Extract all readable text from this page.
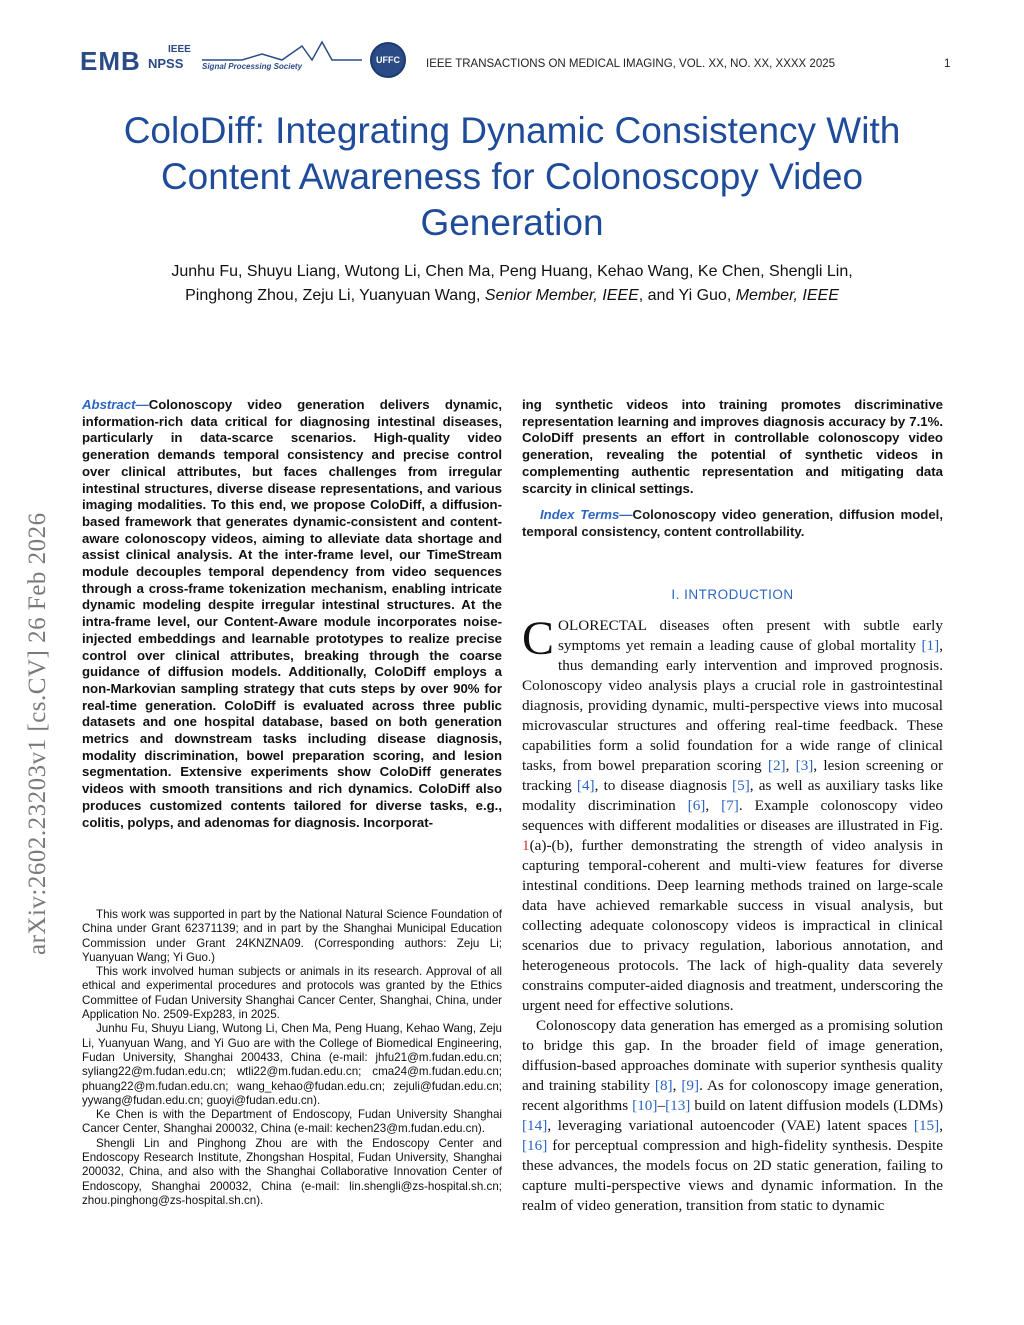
EMB	IEEE
NPSS Signal Processing Society
UFFC	IEEE TRANSACTIONS ON MEDICAL IMAGING, VOL. XX, NO. XX, XXXX 2025	1
ColoDiff: Integrating Dynamic Consistency With Content Awareness for Colonoscopy Video Generation
Junhu Fu, Shuyu Liang, Wutong Li, Chen Ma, Peng Huang, Kehao Wang, Ke Chen, Shengli Lin,
Pinghong Zhou, Zeju Li, Yuanyuan Wang, Senior Member, IEEE, and Yi Guo, Member, IEEE
arXiv:2602.23203v1 [cs.CV] 26 Feb 2026
Abstract—Colonoscopy video generation delivers dynamic, information-rich data critical for diagnosing intestinal diseases, particularly in data-scarce scenarios. High-quality video generation demands temporal consistency and precise control over clinical attributes, but faces challenges from irregular intestinal structures, diverse disease representations, and various imaging modalities. To this end, we propose ColoDiff, a diffusion-based framework that generates dynamic-consistent and content-aware colonoscopy videos, aiming to alleviate data shortage and assist clinical analysis. At the inter-frame level, our TimeStream module decouples temporal dependency from video sequences through a cross-frame tokenization mechanism, enabling intricate dynamic modeling despite irregular intestinal structures. At the intra-frame level, our Content-Aware module incorporates noise-injected embeddings and learnable prototypes to realize precise control over clinical attributes, breaking through the coarse guidance of diffusion models. Additionally, ColoDiff employs a non-Markovian sampling strategy that cuts steps by over 90% for real-time generation. ColoDiff is evaluated across three public datasets and one hospital database, based on both generation metrics and downstream tasks including disease diagnosis, modality discrimination, bowel preparation scoring, and lesion segmentation. Extensive experiments show ColoDiff generates videos with smooth transitions and rich dynamics. ColoDiff also produces customized contents tailored for diverse tasks, e.g., colitis, polyps, and adenomas for diagnosis. Incorporat-

This work was supported in part by the National Natural Science Foundation of China under Grant 62371139; and in part by the Shanghai Municipal Education Commission under Grant 24KNZNA09. (Corresponding authors: Zeju Li; Yuanyuan Wang; Yi Guo.)

This work involved human subjects or animals in its research. Approval of all ethical and experimental procedures and protocols was granted by the Ethics Committee of Fudan University Shanghai Cancer Center, Shanghai, China, under Application No. 2509-Exp283, in 2025.

Junhu Fu, Shuyu Liang, Wutong Li, Chen Ma, Peng Huang, Kehao Wang, Zeju Li, Yuanyuan Wang, and Yi Guo are with the College of Biomedical Engineering, Fudan University, Shanghai 200433, China (e-mail: jhfu21@m.fudan.edu.cn; syliang22@m.fudan.edu.cn; wtli22@m.fudan.edu.cn; cma24@m.fudan.edu.cn; phuang22@m.fudan.edu.cn; wang_kehao@fudan.edu.cn; zejuli@fudan.edu.cn; yywang@fudan.edu.cn; guoyi@fudan.edu.cn).

Ke Chen is with the Department of Endoscopy, Fudan University Shanghai Cancer Center, Shanghai 200032, China (e-mail: kechen23@m.fudan.edu.cn).

Shengli Lin and Pinghong Zhou are with the Endoscopy Center and Endoscopy Research Institute, Zhongshan Hospital, Fudan University, Shanghai 200032, China, and also with the Shanghai Collaborative Innovation Center of Endoscopy, Shanghai 200032, China (e-mail: lin.shengli@zs-hospital.sh.cn; zhou.pinghong@zs-hospital.sh.cn).

ing synthetic videos into training promotes discriminative representation learning and improves diagnosis accuracy by 7.1%. ColoDiff presents an effort in controllable colonoscopy video generation, revealing the potential of synthetic videos in complementing authentic representation and mitigating data scarcity in clinical settings.
Index Terms—Colonoscopy video generation, diffusion model, temporal consistency, content controllability.
I. INTRODUCTION

COLORECTAL diseases often present with subtle early symptoms yet remain a leading cause of global mortality [1], thus demanding early intervention and improved prognosis. Colonoscopy video analysis plays a crucial role in gastrointestinal diagnosis, providing dynamic, multi-perspective views into mucosal microvascular structures and offering real-time feedback. These capabilities form a solid foundation for a wide range of clinical tasks, from bowel preparation scoring [2], [3], lesion screening or tracking [4], to disease diagnosis [5], as well as auxiliary tasks like modality discrimination [6], [7]. Example colonoscopy video sequences with different modalities or diseases are illustrated in Fig. 1(a)-(b), further demonstrating the strength of video analysis in capturing temporal-coherent and multi-view features for diverse intestinal conditions. Deep learning methods trained on large-scale data have achieved remarkable success in visual analysis, but collecting adequate colonoscopy videos is impractical in clinical scenarios due to privacy regulation, laborious annotation, and heterogeneous protocols. The lack of high-quality data severely constrains computer-aided diagnosis and treatment, underscoring the urgent need for effective solutions.

Colonoscopy data generation has emerged as a promising solution to bridge this gap. In the broader field of image generation, diffusion-based approaches dominate with superior synthesis quality and training stability [8], [9]. As for colonoscopy image generation, recent algorithms [10]–[13] build on latent diffusion models (LDMs) [14], leveraging variational autoencoder (VAE) latent spaces [15], [16] for perceptual compression and high-fidelity synthesis. Despite these advances, the models focus on 2D static generation, failing to capture multi-perspective views and dynamic information. In the realm of video generation, transition from static to dynamic
